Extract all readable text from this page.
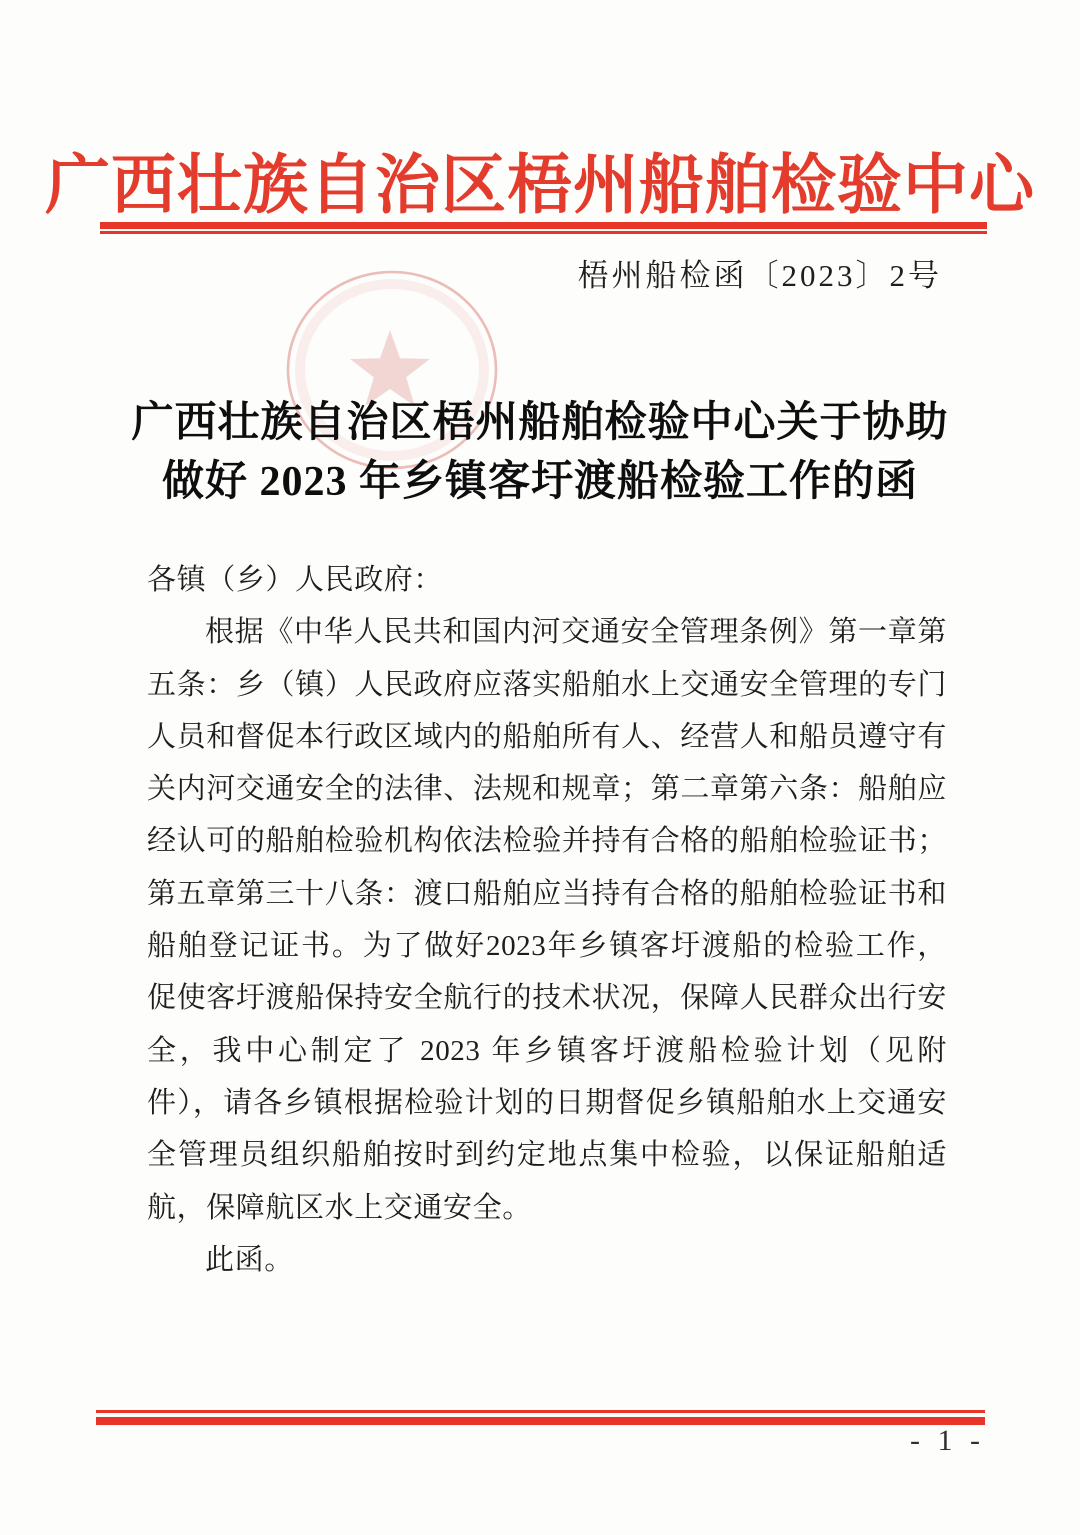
广西壮族自治区梧州船舶检验中心
梧州船检函〔2023〕2号
广西壮族自治区梧州船舶检验中心关于协助
做好 2023 年乡镇客圩渡船检验工作的函

各镇（乡）人民政府：

根据《中华人民共和国内河交通安全管理条例》第一章第五条：乡（镇）人民政府应落实船舶水上交通安全管理的专门人员和督促本行政区域内的船舶所有人、经营人和船员遵守有关内河交通安全的法律、法规和规章；第二章第六条：船舶应经认可的船舶检验机构依法检验并持有合格的船舶检验证书；第五章第三十八条：渡口船舶应当持有合格的船舶检验证书和船舶登记证书。为了做好2023年乡镇客圩渡船的检验工作，促使客圩渡船保持安全航行的技术状况，保障人民群众出行安全，我中心制定了 2023 年乡镇客圩渡船检验计划（见附件），请各乡镇根据检验计划的日期督促乡镇船舶水上交通安全管理员组织船舶按时到约定地点集中检验，以保证船舶适航，保障航区水上交通安全。

此函。

- 1 -
